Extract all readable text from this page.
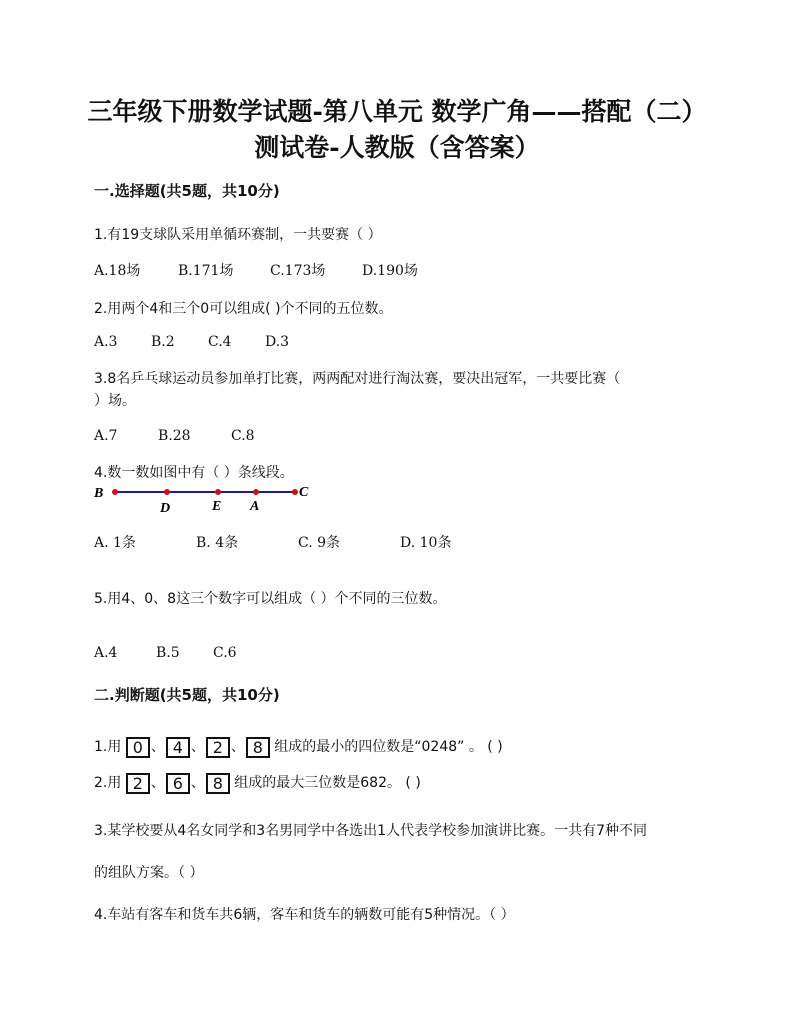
三年级下册数学试题-第八单元 数学广角——搭配（二）
测试卷-人教版（含答案）
一.选择题(共5题，共10分)
1.有19支球队采用单循环赛制，一共要赛（ ）
A.18场	B.171场	C.173场	D.190场
2.用两个4和三个0可以组成( )个不同的五位数。
A.3 B.2 C.4 D.3
3.8名乒乓球运动员参加单打比赛，两两配对进行淘汰赛，要决出冠军，一共要比赛（
）场。
A.7	B.28	C.8
4.数一数如图中有（ ）条线段。
B
D	E A
C
A. 1条	B. 4条	C. 9条	D. 10条
5.用4、0、8这三个数字可以组成（ ）个不同的三位数。
A.4	B.5 C.6
二.判断题(共5题，共10分)
1.用 0 、 4 、 2 、 8 组成的最小的四位数是“0248” 。 ( )
2.用 2 、 6 、 8 组成的最大三位数是682。 ( )
3.某学校要从4名女同学和3名男同学中各选出1人代表学校参加演讲比赛。一共有7种不同
的组队方案。（ ）
4.车站有客车和货车共6辆，客车和货车的辆数可能有5种情况。（ ）
